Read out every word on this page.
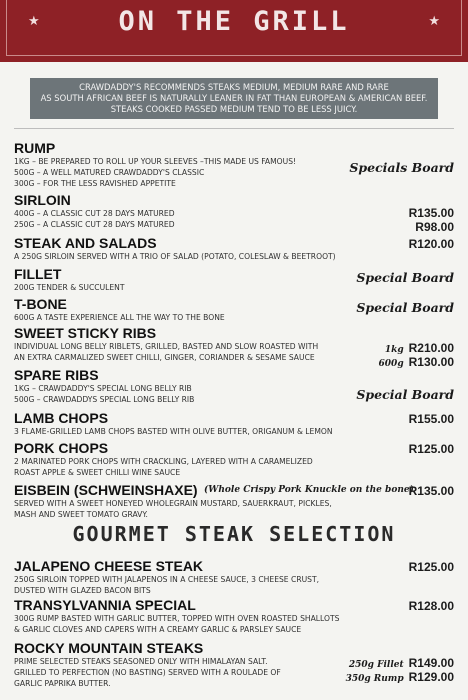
★	★
ON THE GRILL
CRAWDADDY'S RECOMMENDS STEAKS MEDIUM, MEDIUM RARE AND RARE
AS SOUTH AFRICAN BEEF IS NATURALLY LEANER IN FAT THAN EUROPEAN & AMERICAN BEEF.
STEAKS COOKED PASSED MEDIUM TEND TO BE LESS JUICY.
RUMP
1KG – BE PREPARED TO ROLL UP YOUR SLEEVES –THIS MADE US FAMOUS!
500G – A WELL MATURED CRAWDADDY'S CLASSIC
300G – FOR THE LESS RAVISHED APPETITE
Specials Board
SIRLOIN
400G – A CLASSIC CUT 28 DAYS MATURED
250G – A CLASSIC CUT 28 DAYS MATURED
R135.00
R98.00
STEAK AND SALADS
A 250G SIRLOIN SERVED WITH A TRIO OF SALAD (POTATO, COLESLAW & BEETROOT)
R120.00
FILLET
200G TENDER & SUCCULENT
Special Board
T-BONE
600G A TASTE EXPERIENCE ALL THE WAY TO THE BONE
Special Board
SWEET STICKY RIBS
INDIVIDUAL LONG BELLY RIBLETS, GRILLED, BASTED AND SLOW ROASTED WITH
AN EXTRA CARMALIZED SWEET CHILLI, GINGER, CORIANDER & SESAME SAUCE
1kg R210.00
600g R130.00
SPARE RIBS
1KG – CRAWDADDY'S SPECIAL LONG BELLY RIB
500G – CRAWDADDYS SPECIAL LONG BELLY RIB	Special Board
LAMB CHOPS
3 FLAME-GRILLED LAMB CHOPS BASTED WITH OLIVE BUTTER, ORIGANUM & LEMON
R155.00
PORK CHOPS
2 MARINATED PORK CHOPS WITH CRACKLING, LAYERED WITH A CARAMELIZED
ROAST APPLE & SWEET CHILLI WINE SAUCE
R125.00
EISBEIN (SCHWEINSHAXE) (Whole Crispy Pork Knuckle on the bone)
SERVED WITH A SWEET HONEYED WHOLEGRAIN MUSTARD, SAUERKRAUT, PICKLES,
MASH AND SWEET TOMATO GRAVY.
R135.00
JALAPENO CHEESE STEAK
250G SIRLOIN TOPPED WITH JALAPENOS IN A CHEESE SAUCE, 3 CHEESE CRUST,
DUSTED WITH GLAZED BACON BITS
R125.00
TRANSYLVANNIA SPECIAL
300G RUMP BASTED WITH GARLIC BUTTER, TOPPED WITH OVEN ROASTED SHALLOTS
& GARLIC CLOVES AND CAPERS WITH A CREAMY GARLIC & PARSLEY SAUCE
R128.00
ROCKY MOUNTAIN STEAKS
PRIME SELECTED STEAKS SEASONED ONLY WITH HIMALAYAN SALT.
GRILLED TO PERFECTION (NO BASTING) SERVED WITH A ROULADE OF
GARLIC PAPRIKA BUTTER.
250g Fillet R149.00
350g Rump R129.00
GOURMET STEAK SELECTION
